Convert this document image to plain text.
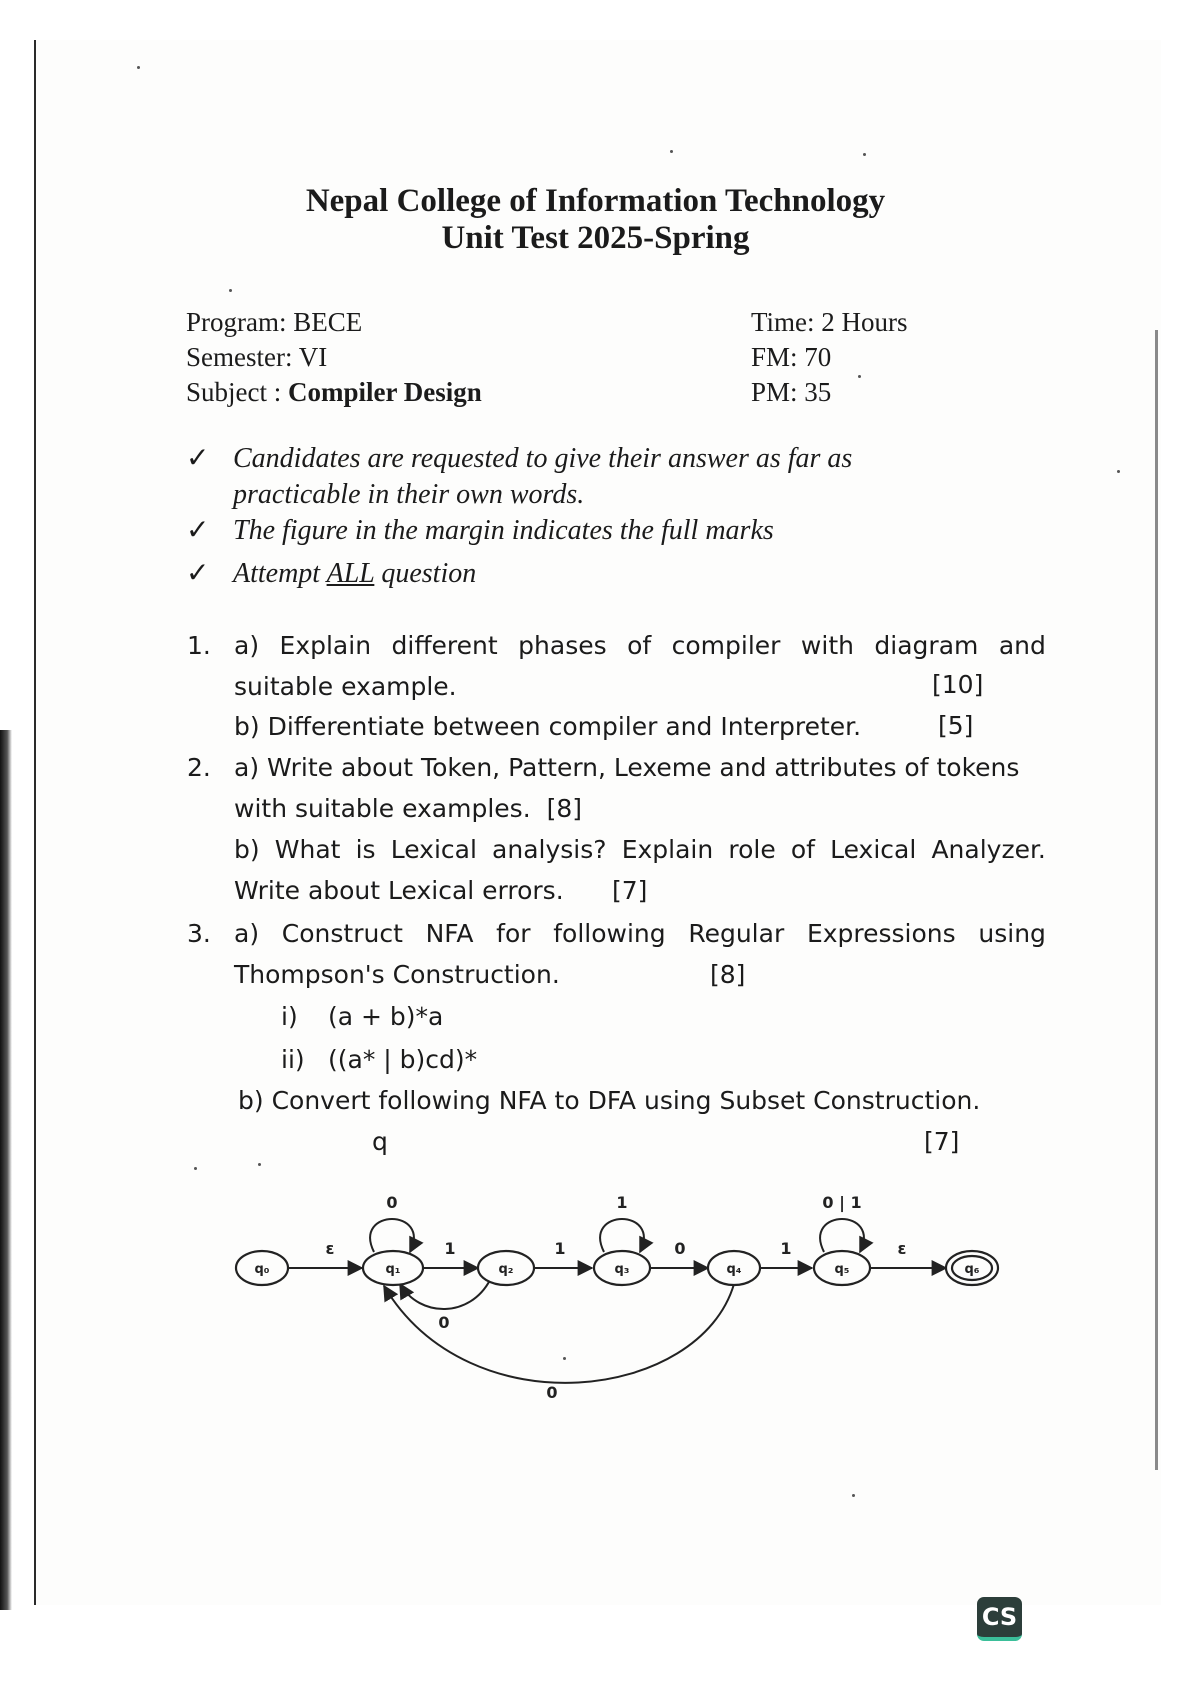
Nepal College of Information Technology
Unit Test 2025-Spring
Program: BECE
Semester: VI
Subject : Compiler Design
Time: 2 Hours
FM: 70
PM: 35
✓ Candidates are requested to give their answer as far as
practicable in their own words.
✓ The figure in the margin indicates the full marks
✓ Attempt ALL question
1. a) Explain different phases of compiler with diagram and
suitable example.	[10]
b) Differentiate between compiler and Interpreter.	[5]
2. a) Write about Token, Pattern, Lexeme and attributes of tokens
with suitable examples. [8]
b) What is Lexical analysis? Explain role of Lexical Analyzer.
Write about Lexical errors. [7]
3. a) Construct NFA for following Regular Expressions using
Thompson's Construction.	[8]
i) (a + b)*a
ii) ((a* | b)cd)*
b) Convert following NFA to DFA using Subset Construction.
q	[7]
q₀	q₁	q₂	q₃	q₄	q₅	q₆
ε
0
1
0
1
1
0
0
1
0 | 1
ε
CS
